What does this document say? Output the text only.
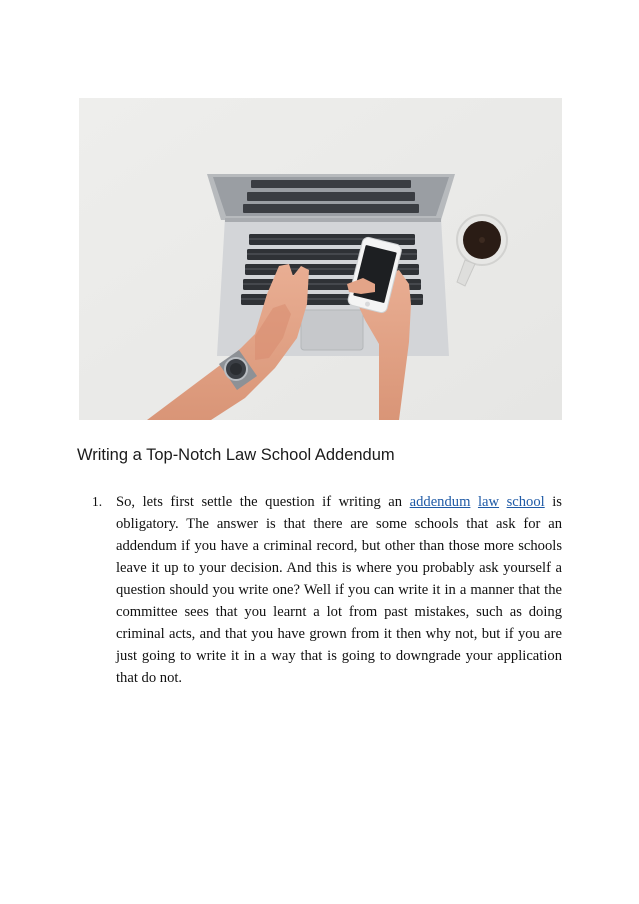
Writing a Top-Notch Law School Addendum
1. So, lets first settle the question if writing an addendum law school is obligatory. The answer is that there are some schools that ask for an addendum if you have a criminal record, but other than those more schools leave it up to your decision. And this is where you probably ask yourself a question should you write one? Well if you can write it in a manner that the committee sees that you learnt a lot from past mistakes, such as doing criminal acts, and that you have grown from it then why not, but if you are just going to write it in a way that is going to downgrade your application that do not.
